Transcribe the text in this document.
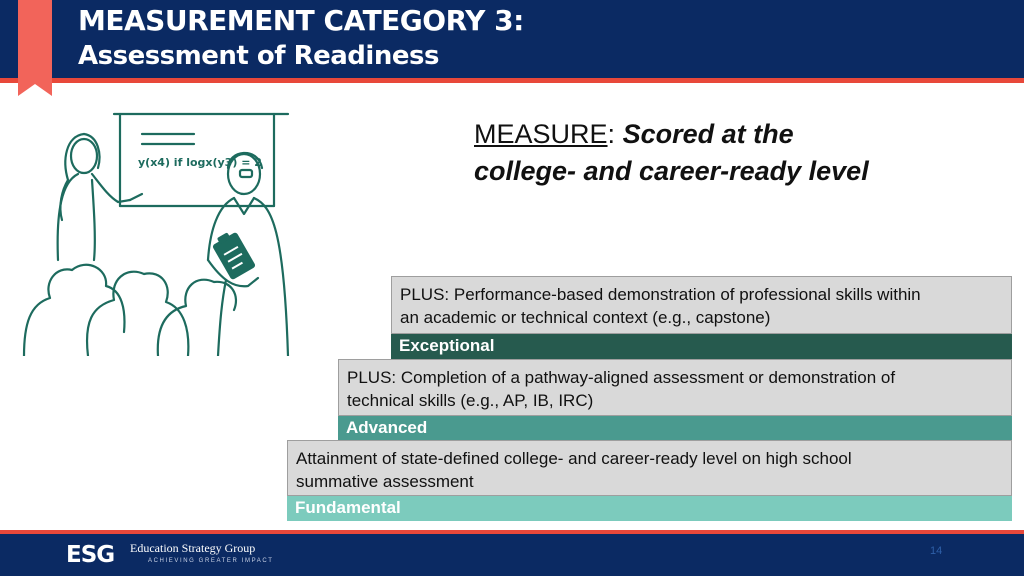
MEASUREMENT CATEGORY 3:
Assessment of Readiness
y(x4) if logx(y3) = 2
MEASURE: Scored at the
college- and career-ready level
PLUS: Performance-based demonstration of professional skills within
an academic or technical context (e.g., capstone)
Exceptional
PLUS: Completion of a pathway-aligned assessment or demonstration of
technical skills (e.g., AP, IB, IRC)
Advanced
Attainment of state-defined college- and career-ready level on high school
summative assessment
Fundamental
ESG Education Strategy Group
ACHIEVING GREATER IMPACT
14
